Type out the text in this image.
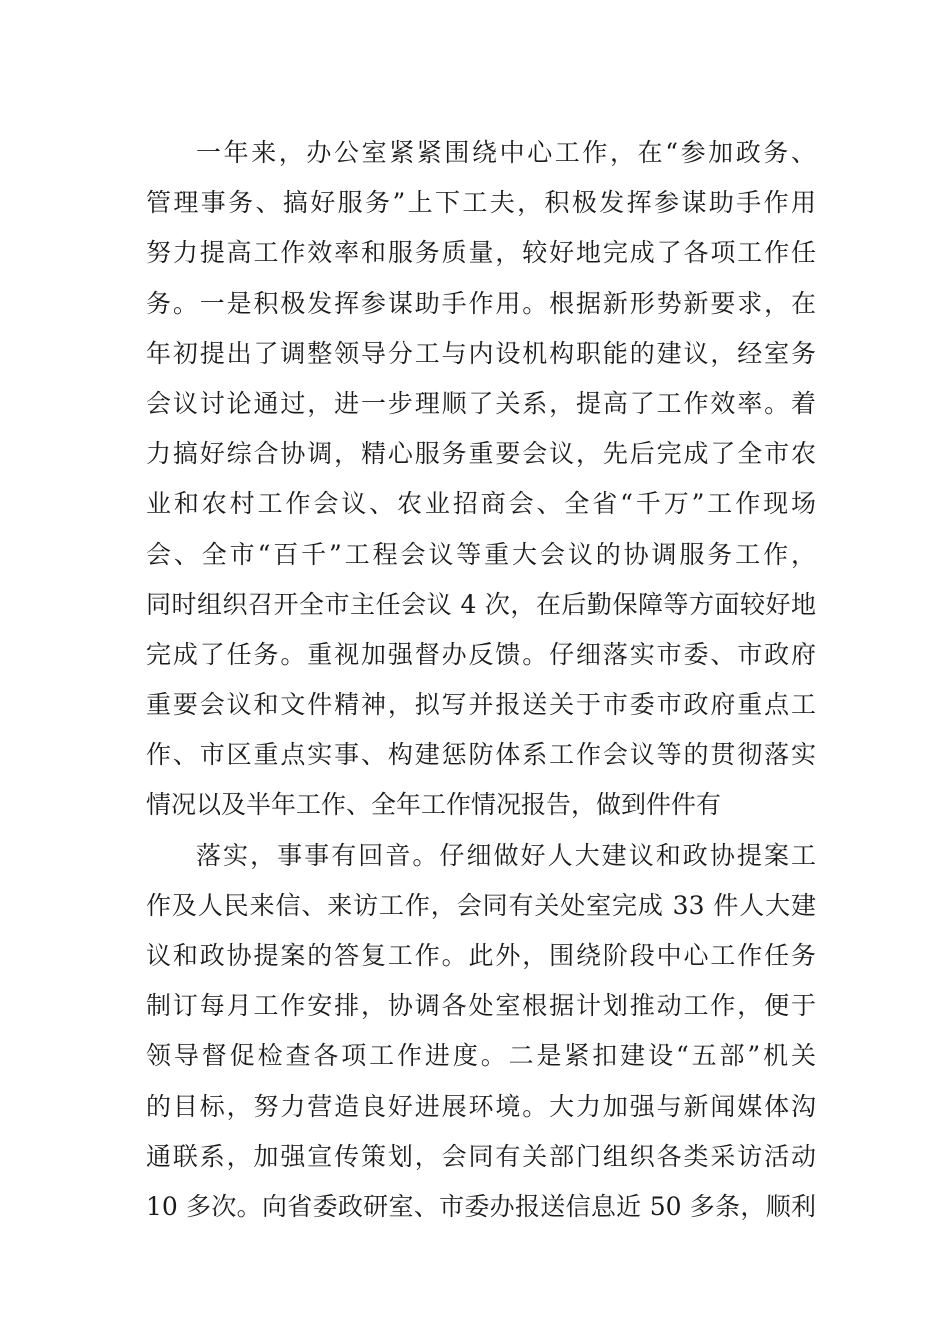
一年来，办公室紧紧围绕中心工作，在“参加政务、
管理事务、搞好服务”上下工夫，积极发挥参谋助手作用
努力提高工作效率和服务质量，较好地完成了各项工作任
务。一是积极发挥参谋助手作用。根据新形势新要求，在
年初提出了调整领导分工与内设机构职能的建议，经室务
会议讨论通过，进一步理顺了关系，提高了工作效率。着
力搞好综合协调，精心服务重要会议，先后完成了全市农
业和农村工作会议、农业招商会、全省“千万”工作现场
会、全市“百千”工程会议等重大会议的协调服务工作，
同时组织召开全市主任会议 4 次，在后勤保障等方面较好地
完成了任务。重视加强督办反馈。仔细落实市委、市政府
重要会议和文件精神，拟写并报送关于市委市政府重点工
作、市区重点实事、构建惩防体系工作会议等的贯彻落实
情况以及半年工作、全年工作情况报告，做到件件有
落实，事事有回音。仔细做好人大建议和政协提案工
作及人民来信、来访工作，会同有关处室完成 33 件人大建
议和政协提案的答复工作。此外，围绕阶段中心工作任务
制订每月工作安排，协调各处室根据计划推动工作，便于
领导督促检查各项工作进度。二是紧扣建设“五部”机关
的目标，努力营造良好进展环境。大力加强与新闻媒体沟
通联系，加强宣传策划，会同有关部门组织各类采访活动
10 多次。向省委政研室、市委办报送信息近 50 多条，顺利
